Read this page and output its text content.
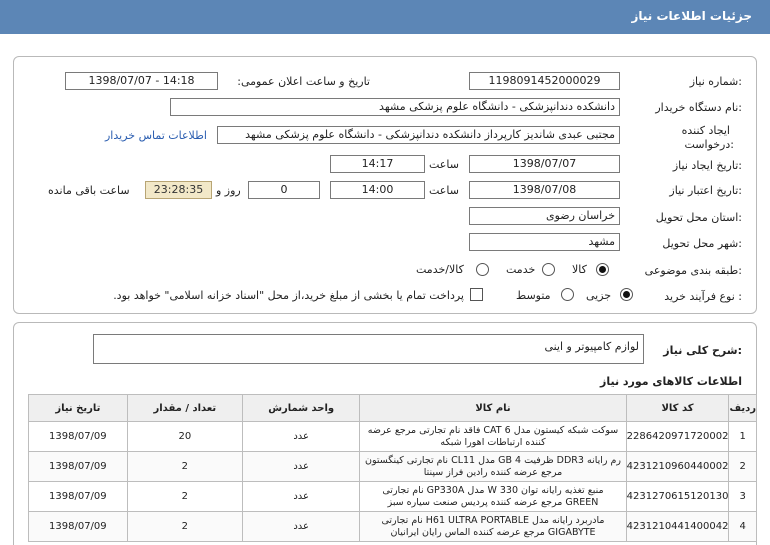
جزئیات اطلاعات نیاز
شماره نیاز:
1198091452000029
تاریخ و ساعت اعلان عمومی:
1398/07/07 - 14:18
نام دستگاه خریدار:
دانشکده دندانپزشکی - دانشگاه علوم پزشکی مشهد
ایجاد کننده
درخواست:
مجتبی عبدی شاندیز کارپرداز دانشکده دندانپزشکی - دانشگاه علوم پزشکی مشهد
اطلاعات تماس خریدار
تاریخ ایجاد نیاز:
1398/07/07
ساعت
14:17
تاریخ اعتبار نیاز:
1398/07/08
ساعت
14:00
0
روز و
23:28:35
ساعت باقی مانده
استان محل تحویل:
خراسان رضوی
شهر محل تحویل:
مشهد
طبقه بندی موضوعی:
کالا
خدمت
کالا/خدمت
نوع فرآیند خرید :
جزیی
متوسط
پرداخت تمام یا بخشی از مبلغ خرید،از محل "اسناد خزانه اسلامی" خواهد بود.
شرح کلی نیاز:
لوازم کامپیوتر و اینی
اطلاعات کالاهای مورد نیاز
ردیف	کد کالا	نام کالا	واحد شمارش	تعداد / مقدار	تاریخ نیاز
1	2286420971720002	سوکت شبکه کیستون مدل CAT 6 فاقد نام تجارتی مرجع عرضه کننده ارتباطات اهورا شبکه	عدد	20	1398/07/09
2	4231210960440002	رم رایانه DDR3 ظرفیت 4 GB مدل CL11 نام تجارتی کینگستون مرجع عرضه کننده رادین فراز سپنتا	عدد	2	1398/07/09
3	4231270615120130	منبع تغذیه رایانه توان 330 W مدل GP330A نام تجارتی GREEN مرجع عرضه کننده پردیس صنعت سیاره سبز	عدد	2	1398/07/09
4	4231210441400042	مادربرد رایانه مدل H61 ULTRA PORTABLE نام تجارتی GIGABYTE مرجع عرضه کننده الماس رایان ایرانیان	عدد	2	1398/07/09
